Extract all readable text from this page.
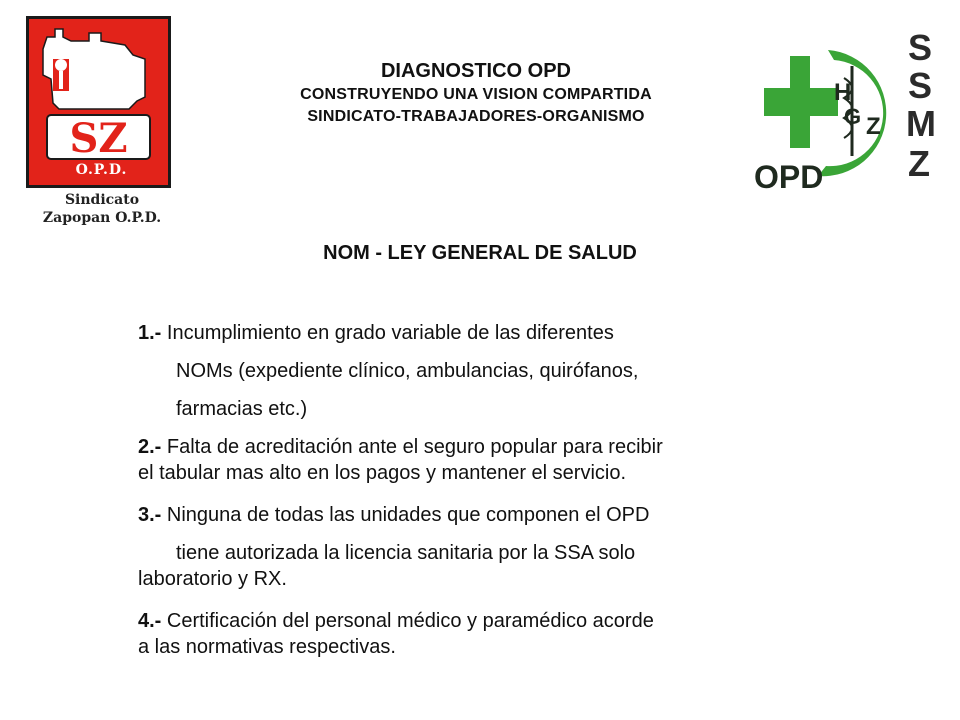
SZ
O.P.D.
Sindicato
Zapopan O.P.D.
DIAGNOSTICO OPD
CONSTRUYENDO UNA VISION COMPARTIDA
SINDICATO-TRABAJADORES-ORGANISMO
H
G Z
S
S
M
Z
OPD
NOM - LEY GENERAL DE SALUD

1.- Incumplimiento en grado variable de las diferentes

NOMs (expediente clínico, ambulancias, quirófanos,

farmacias etc.)

2.- Falta de acreditación ante el seguro popular para recibir

el tabular mas alto en los pagos y mantener el servicio.

3.- Ninguna de todas las unidades que componen el OPD

tiene autorizada la licencia sanitaria por la SSA solo

laboratorio y RX.

4.- Certificación del personal médico y paramédico acorde

a las normativas respectivas.
